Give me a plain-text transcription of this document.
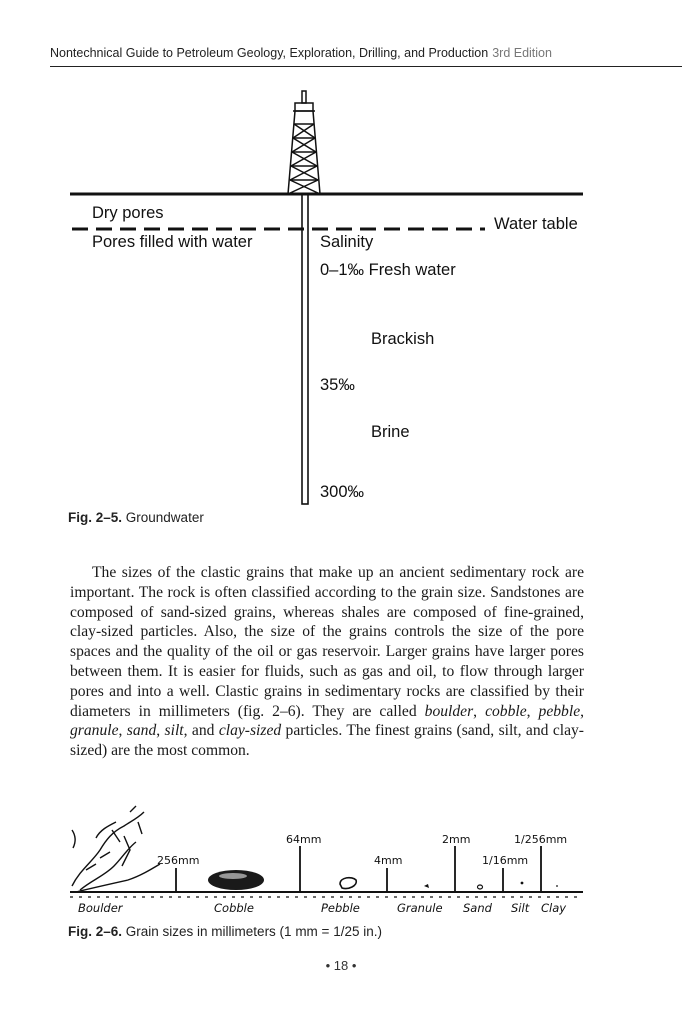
Nontechnical Guide to Petroleum Geology, Exploration, Drilling, and Production 3rd Edition
Dry pores
Pores filled with water
Water table
Salinity
0–1‰ Fresh water
Brackish
35‰
Brine
300‰
Fig. 2–5. Groundwater

The sizes of the clastic grains that make up an ancient sedimentary rock are important. The rock is often classified according to the grain size. Sandstones are composed of sand-sized grains, whereas shales are composed of fine-grained, clay-sized particles. Also, the size of the grains controls the size of the pore spaces and the quality of the oil or gas reservoir. Larger grains have larger pores between them. It is easier for fluids, such as gas and oil, to flow through larger pores and into a well. Clastic grains in sedimentary rocks are classified by their diameters in millimeters (fig. 2–6). They are called boulder, cobble, pebble, granule, sand, silt, and clay-sized particles. The finest grains (sand, silt, and clay-sized) are the most common.

64mm	2mm	1/256mm
256mm	4mm	1/16mm
Boulder	Cobble	Pebble	Granule Sand Silt Clay
Fig. 2–6. Grain sizes in millimeters (1 mm = 1/25 in.)
• 18 •
